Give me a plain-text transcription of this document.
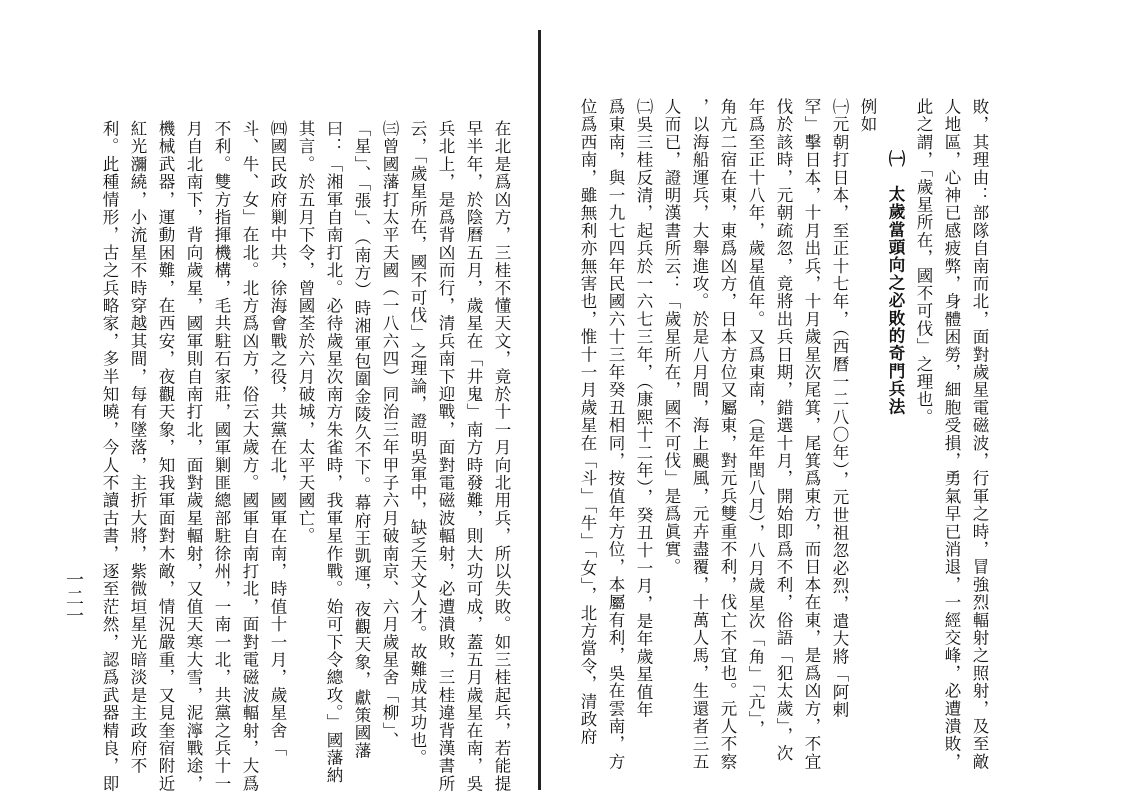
敗，其理由：部隊自南而北，面對歲星電磁波，行軍之時，冒強烈輻射之照射，及至敵
人地區，心神已感疲弊，身體困勞，細胞受損，勇氣早已消退，一經交峰，必遭潰敗，
此之謂，「歲星所在，國不可伐」之理也。
㈠　太歲當頭向之必敗的奇門兵法
例如
㈠元朝打日本，至正十七年，（西曆一二八〇年），元世祖忽必烈，遣大將「阿剌
罕」擊日本，十月出兵，十月歲星次尾箕，尾箕爲東方，而日本在東，是爲凶方，不宜
伐於該時，元朝疏忽，竟將出兵日期，錯選十月，開始即爲不利，俗語「犯太歲」，次
年爲至正十八年，歲星值年。又爲東南，（是年閏八月），八月歲星次「角」「亢」，
角亢二宿在東，東爲凶方，日本方位又屬東，對元兵雙重不利，伐亡不宜也。元人不察
，以海船運兵，大舉進攻。於是八月間，海上颶風，元卉盡覆，十萬人馬，生還者三五
人而已，證明漢書所云：「歲星所在，國不可伐」是爲眞實。
㈡吳三桂反清，起兵於一六七三年，（康熙十二年），癸丑十一月，是年歲星值年
爲東南，與一九七四年民國六十三年癸丑相同，按值年方位，本屬有利，吳在雲南，方
位爲西南，雖無利亦無害也，惟十一月歲星在「斗」「牛」「女」，北方當令，清政府
在北是爲凶方，三桂不懂天文，竟於十一月向北用兵，所以失敗。如三桂起兵，若能提
早半年，於陰曆五月，歲星在「井鬼」南方時發難，則大功可成，蓋五月歲星在南，吳
兵北上，是爲背凶而行，清兵南下迎戰，面對電磁波輻射，必遭潰敗，三桂違背漢書所
云，「歲星所在，國不可伐」之理論，證明吳軍中，缺乏天文人才。故難成其功也。
㈢曾國藩打太平天國（一八六四）同治三年甲子六月破南京、六月歲星舍「柳」、
「星」、「張」、（南方）時湘軍包圍金陵久不下。幕府王凱運，夜觀天象，獻策國藩
曰：「湘軍自南打北。必待歲星次南方朱雀時，我軍星作戰。始可下令總攻。」國藩納
其言。於五月下令，曾國荃於六月破城，太平天國亡。
㈣國民政府剿中共，徐海會戰之役，共黨在北，國軍在南，時值十一月，歲星舍「
斗、牛、女」在北。北方爲凶方，俗云大歲方。國軍自南打北，面對電磁波輻射，大爲
不利。雙方指揮機構，毛共駐石家莊，國軍剿匪總部駐徐州，一南一北，共黨之兵十一
月自北南下，背向歲星，國軍則自南打北，面對歲星輻射，又值天寒大雪，泥濘戰途，
機械武器，運動困難，在西安，夜觀天象，知我軍面對木敵，情況嚴重，又見奎宿附近
紅光瀰繞，小流星不時穿越其間，每有墜落，主折大將，紫微垣星光暗淡是主政府不
利。此種情形，古之兵略家，多半知曉，今人不讀古書，逐至茫然，認爲武器精良，即
一二一
